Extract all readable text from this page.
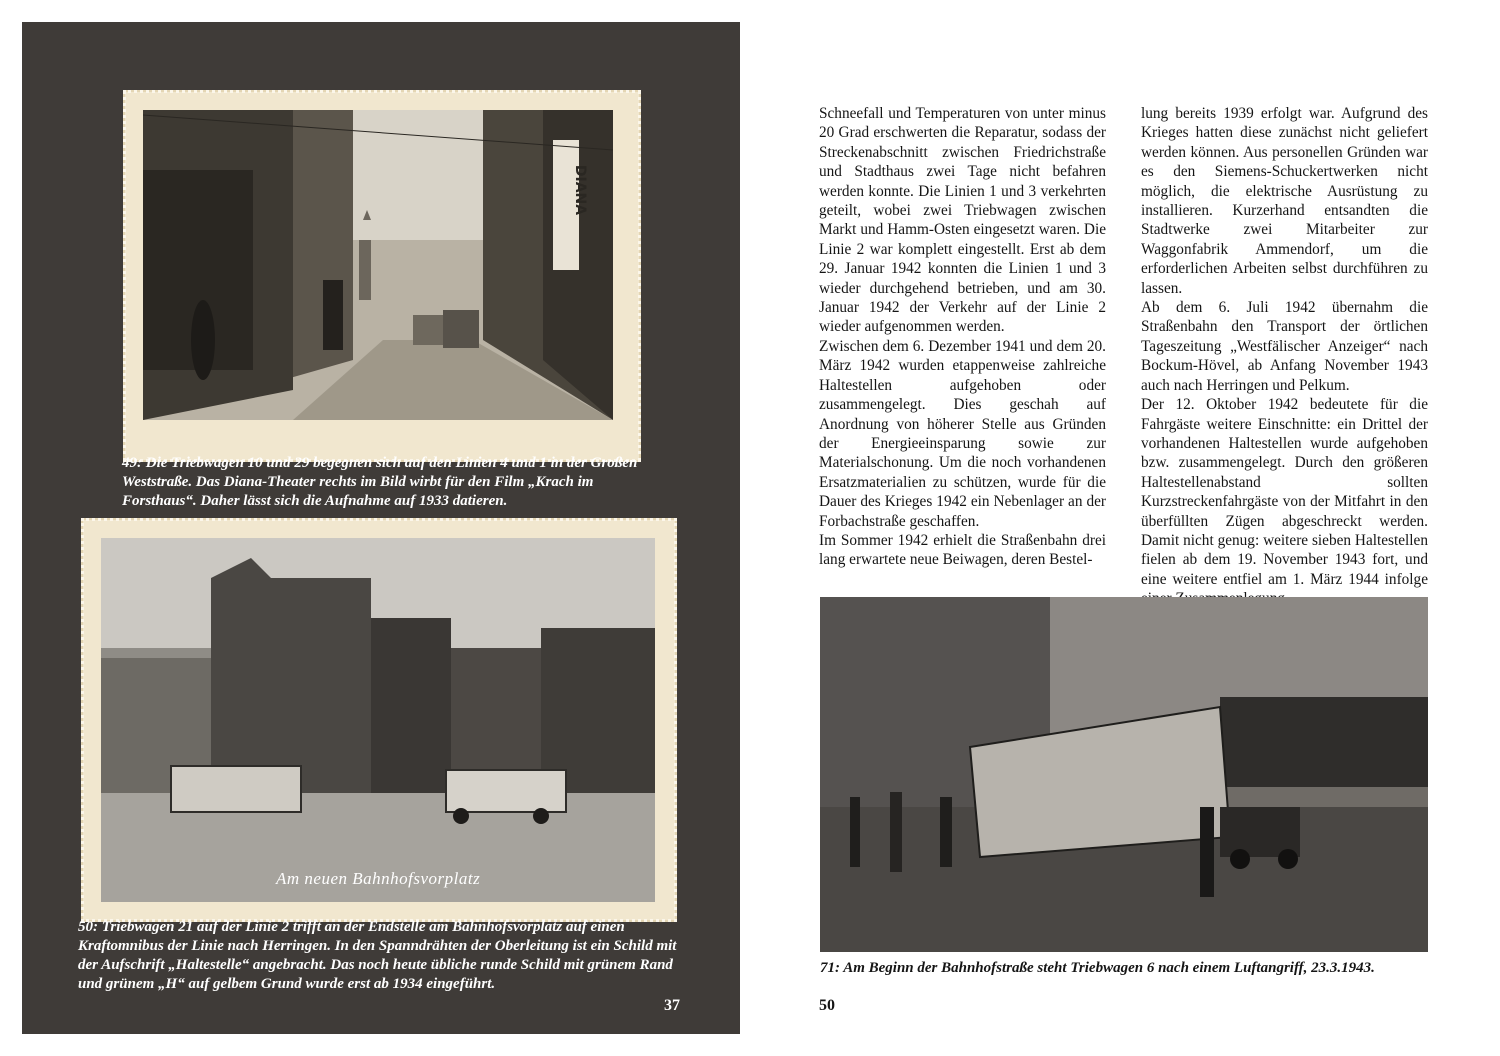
DIANA

49: Die Triebwagen 10 und 29 begegnen sich auf den Linien 4 und 1 in der Großen Weststraße. Das Diana-Theater rechts im Bild wirbt für den Film „Krach im Forsthaus“. Daher lässt sich die Aufnahme auf 1933 datieren.

Am neuen Bahnhofsvorplatz

50: Triebwagen 21 auf der Linie 2 trifft an der Endstelle am Bahnhofsvorplatz auf einen Kraftomnibus der Linie nach Herringen. In den Spanndrähten der Oberleitung ist ein Schild mit der Aufschrift „Haltestelle“ angebracht. Das noch heute übliche runde Schild mit grünem Rand und grünem „H“ auf gelbem Grund wurde erst ab 1934 eingeführt.

37

Schneefall und Temperaturen von unter minus 20 Grad erschwerten die Reparatur, sodass der Streckenabschnitt zwischen Friedrichstraße und Stadthaus zwei Tage nicht befahren werden konnte. Die Linien 1 und 3 verkehrten geteilt, wobei zwei Triebwagen zwischen Markt und Hamm-Osten eingesetzt waren. Die Linie 2 war komplett eingestellt. Erst ab dem 29. Januar 1942 konnten die Linien 1 und 3 wieder durchgehend betrieben, und am 30. Januar 1942 der Verkehr auf der Linie 2 wieder aufgenommen werden.

Zwischen dem 6. Dezember 1941 und dem 20. März 1942 wurden etappenweise zahlreiche Haltestellen aufgehoben oder zusammengelegt. Dies geschah auf Anordnung von höherer Stelle aus Gründen der Energieeinsparung sowie zur Materialschonung. Um die noch vorhandenen Ersatzmaterialien zu schützen, wurde für die Dauer des Krieges 1942 ein Nebenlager an der Forbachstraße geschaffen.

Im Sommer 1942 erhielt die Straßenbahn drei lang erwartete neue Beiwagen, deren Bestel-

lung bereits 1939 erfolgt war. Aufgrund des Krieges hatten diese zunächst nicht geliefert werden können. Aus personellen Gründen war es den Siemens-Schuckertwerken nicht möglich, die elektrische Ausrüstung zu installieren. Kurzerhand entsandten die Stadtwerke zwei Mitarbeiter zur Waggonfabrik Ammendorf, um die erforderlichen Arbeiten selbst durchführen zu lassen.

Ab dem 6. Juli 1942 übernahm die Straßenbahn den Transport der örtlichen Tageszeitung „Westfälischer Anzeiger“ nach Bockum-Hövel, ab Anfang November 1943 auch nach Herringen und Pelkum.

Der 12. Oktober 1942 bedeutete für die Fahrgäste weitere Einschnitte: ein Drittel der vorhandenen Haltestellen wurde aufgehoben bzw. zusammengelegt. Durch den größeren Haltestellenabstand sollten Kurzstreckenfahrgäste von der Mitfahrt in den überfüllten Zügen abgeschreckt werden. Damit nicht genug: weitere sieben Haltestellen fielen ab dem 19. November 1943 fort, und eine weitere entfiel am 1. März 1944 infolge

71: Am Beginn der Bahnhofstraße steht Triebwagen 6 nach einem Luftangriff, 23.3.1943.

50
